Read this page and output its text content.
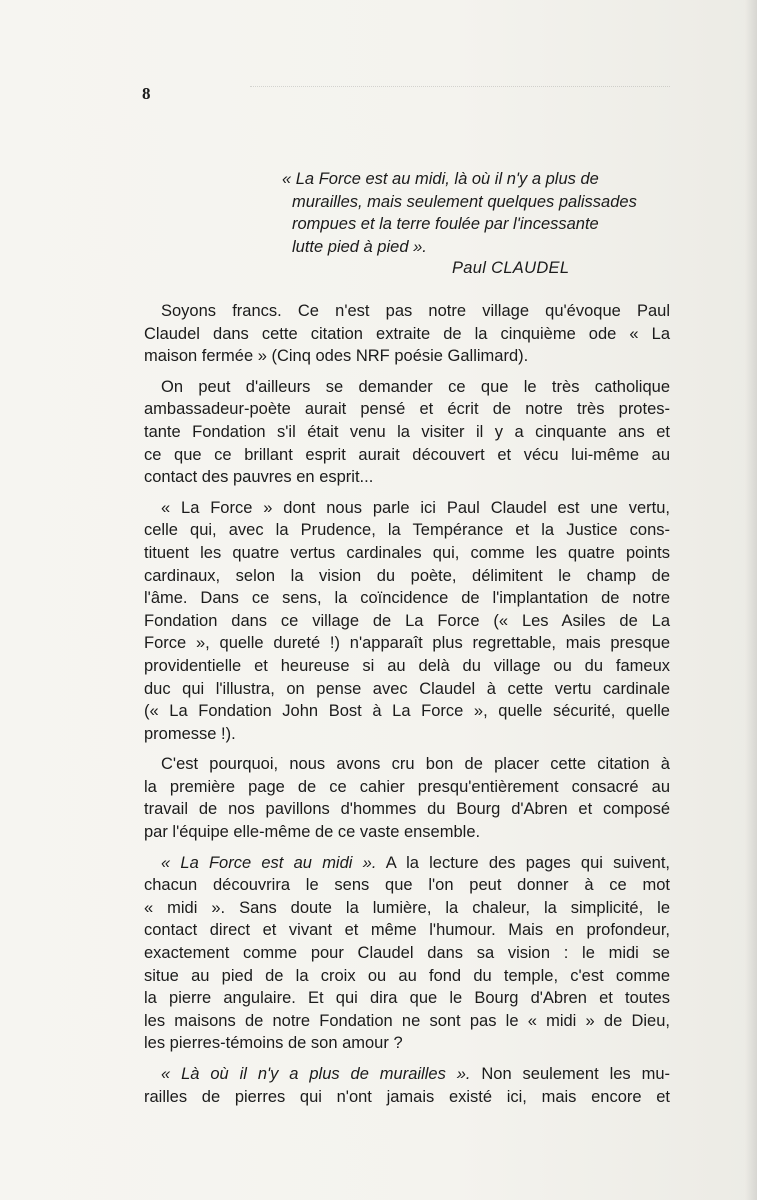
8
« La Force est au midi, là où il n'y a plus de
murailles, mais seulement quelques palissades
rompues et la terre foulée par l'incessante
lutte pied à pied ».
Paul CLAUDEL
Soyons francs. Ce n'est pas notre village qu'évoque Paul
Claudel dans cette citation extraite de la cinquième ode « La
maison fermée » (Cinq odes NRF poésie Gallimard).
On peut d'ailleurs se demander ce que le très catholique
ambassadeur-poète aurait pensé et écrit de notre très protes-
tante Fondation s'il était venu la visiter il y a cinquante ans et
ce que ce brillant esprit aurait découvert et vécu lui-même au
contact des pauvres en esprit...
« La Force » dont nous parle ici Paul Claudel est une vertu,
celle qui, avec la Prudence, la Tempérance et la Justice cons-
tituent les quatre vertus cardinales qui, comme les quatre points
cardinaux, selon la vision du poète, délimitent le champ de
l'âme. Dans ce sens, la coïncidence de l'implantation de notre
Fondation dans ce village de La Force (« Les Asiles de La
Force », quelle dureté !) n'apparaît plus regrettable, mais presque
providentielle et heureuse si au delà du village ou du fameux
duc qui l'illustra, on pense avec Claudel à cette vertu cardinale
(« La Fondation John Bost à La Force », quelle sécurité, quelle
promesse !).
C'est pourquoi, nous avons cru bon de placer cette citation à
la première page de ce cahier presqu'entièrement consacré au
travail de nos pavillons d'hommes du Bourg d'Abren et composé
par l'équipe elle-même de ce vaste ensemble.
« La Force est au midi ». A la lecture des pages qui suivent,
chacun découvrira le sens que l'on peut donner à ce mot
« midi ». Sans doute la lumière, la chaleur, la simplicité, le
contact direct et vivant et même l'humour. Mais en profondeur,
exactement comme pour Claudel dans sa vision : le midi se
situe au pied de la croix ou au fond du temple, c'est comme
la pierre angulaire. Et qui dira que le Bourg d'Abren et toutes
les maisons de notre Fondation ne sont pas le « midi » de Dieu,
les pierres-témoins de son amour ?
« Là où il n'y a plus de murailles ». Non seulement les mu-
railles de pierres qui n'ont jamais existé ici, mais encore et
